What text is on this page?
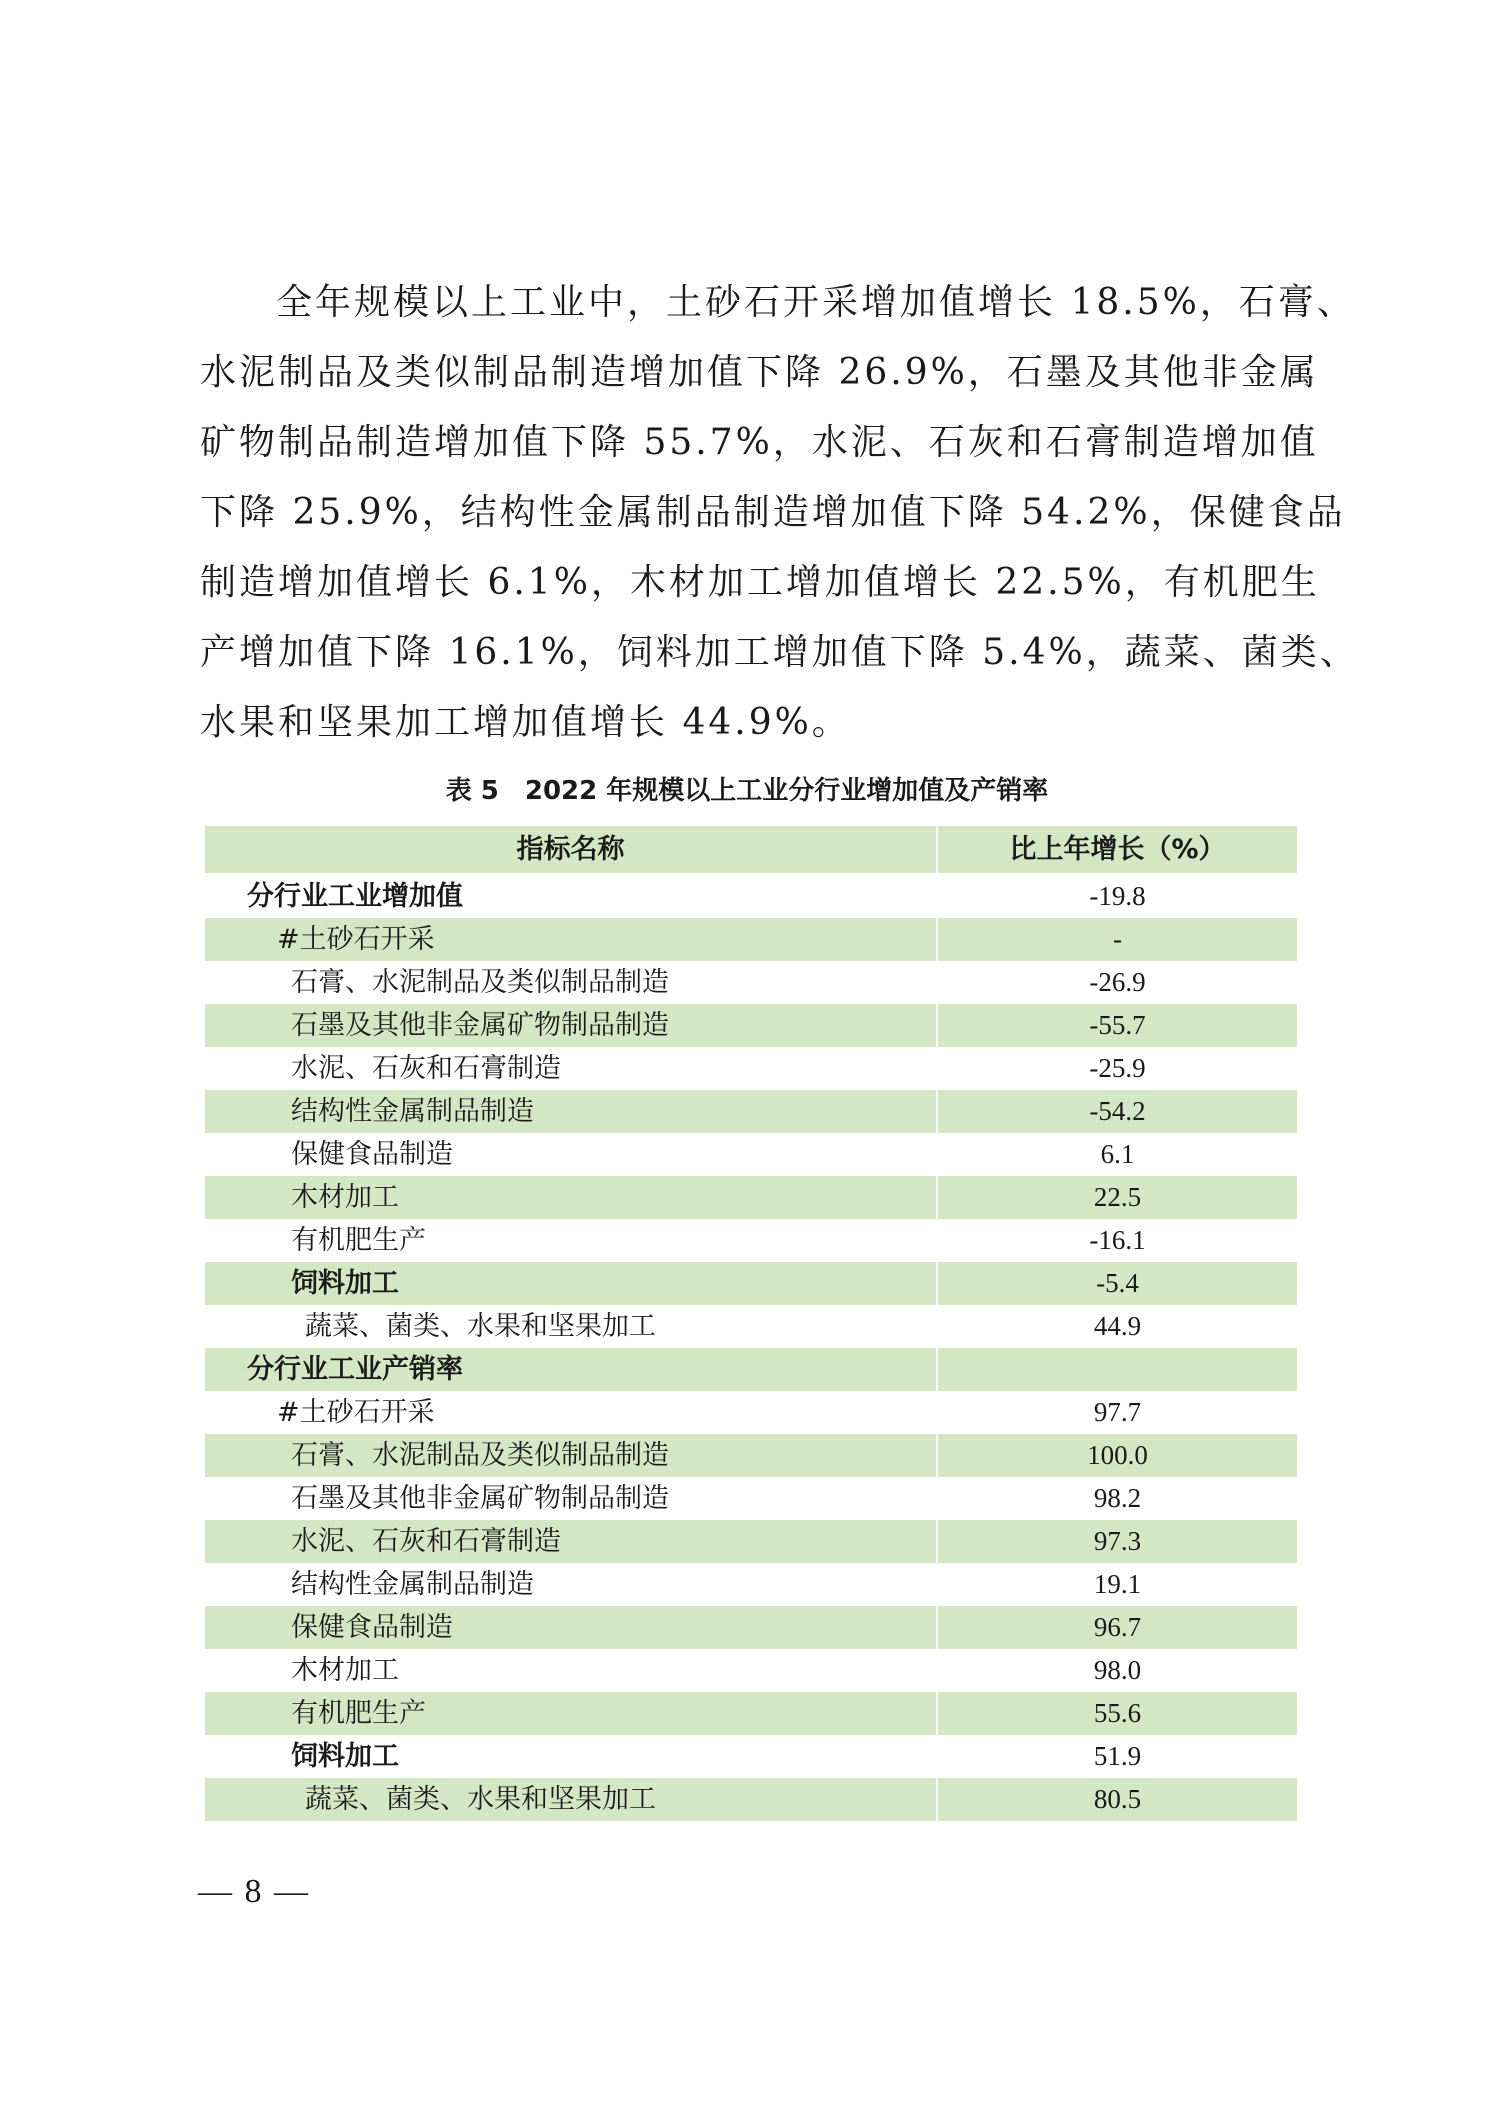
全年规模以上工业中，土砂石开采增加值增长 18.5%，石膏、
水泥制品及类似制品制造增加值下降 26.9%，石墨及其他非金属
矿物制品制造增加值下降 55.7%，水泥、石灰和石膏制造增加值
下降 25.9%，结构性金属制品制造增加值下降 54.2%，保健食品
制造增加值增长 6.1%，木材加工增加值增长 22.5%，有机肥生
产增加值下降 16.1%，饲料加工增加值下降 5.4%，蔬菜、菌类、
水果和坚果加工增加值增长 44.9%。
表 5　2022 年规模以上工业分行业增加值及产销率
指标名称	比上年增长（%）
分行业工业增加值	-19.8
#土砂石开采	-
石膏、水泥制品及类似制品制造	-26.9
石墨及其他非金属矿物制品制造	-55.7
水泥、石灰和石膏制造	-25.9
结构性金属制品制造	-54.2
保健食品制造	6.1
木材加工	22.5
有机肥生产	-16.1
饲料加工	-5.4
蔬菜、菌类、水果和坚果加工	44.9
分行业工业产销率	
#土砂石开采	97.7
石膏、水泥制品及类似制品制造	100.0
石墨及其他非金属矿物制品制造	98.2
水泥、石灰和石膏制造	97.3
结构性金属制品制造	19.1
保健食品制造	96.7
木材加工	98.0
有机肥生产	55.6
饲料加工	51.9
蔬菜、菌类、水果和坚果加工	80.5
— 8 —
